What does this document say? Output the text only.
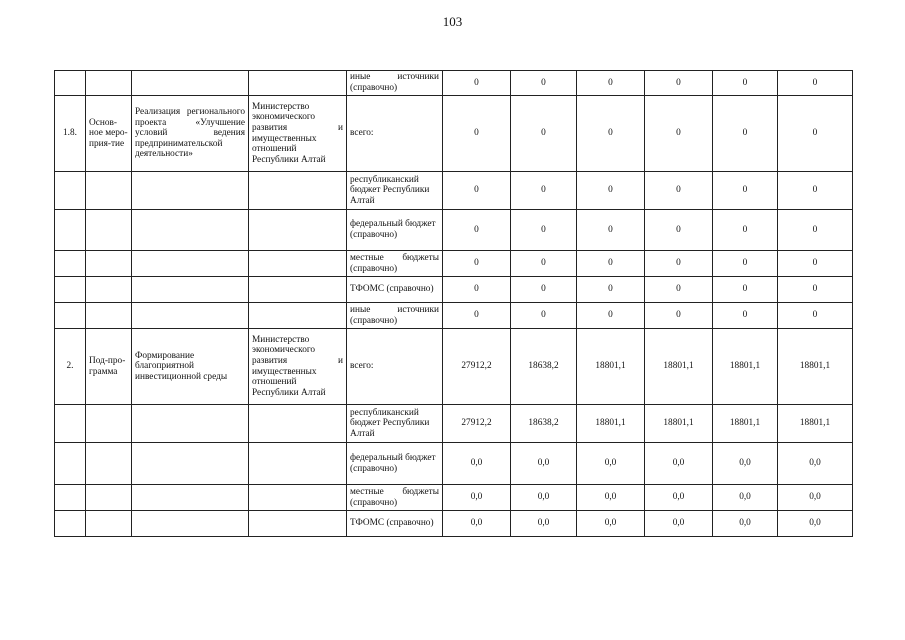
103
				иные источники (справочно)	0	0	0	0	0	0
1.8.	Основ-ное меро-прия-тие	Реализация регионального проекта «Улучшение условий ведения предпринимательской деятельности»	Министерство экономического развития и имущественных отношений Республики Алтай	всего:	0	0	0	0	0	0
				республиканский бюджет Республики Алтай	0	0	0	0	0	0
				федеральный бюджет (справочно)	0	0	0	0	0	0
				местные бюджеты (справочно)	0	0	0	0	0	0
				ТФОМС (справочно)	0	0	0	0	0	0
				иные источники (справочно)	0	0	0	0	0	0
2.	Под-про-грамма	Формирование благоприятной инвестиционной среды	Министерство экономического развития и имущественных отношений Республики Алтай	всего:	27912,2	18638,2	18801,1	18801,1	18801,1	18801,1
				республиканский бюджет Республики Алтай	27912,2	18638,2	18801,1	18801,1	18801,1	18801,1
				федеральный бюджет (справочно)	0,0	0,0	0,0	0,0	0,0	0,0
				местные бюджеты (справочно)	0,0	0,0	0,0	0,0	0,0	0,0
				ТФОМС (справочно)	0,0	0,0	0,0	0,0	0,0	0,0
